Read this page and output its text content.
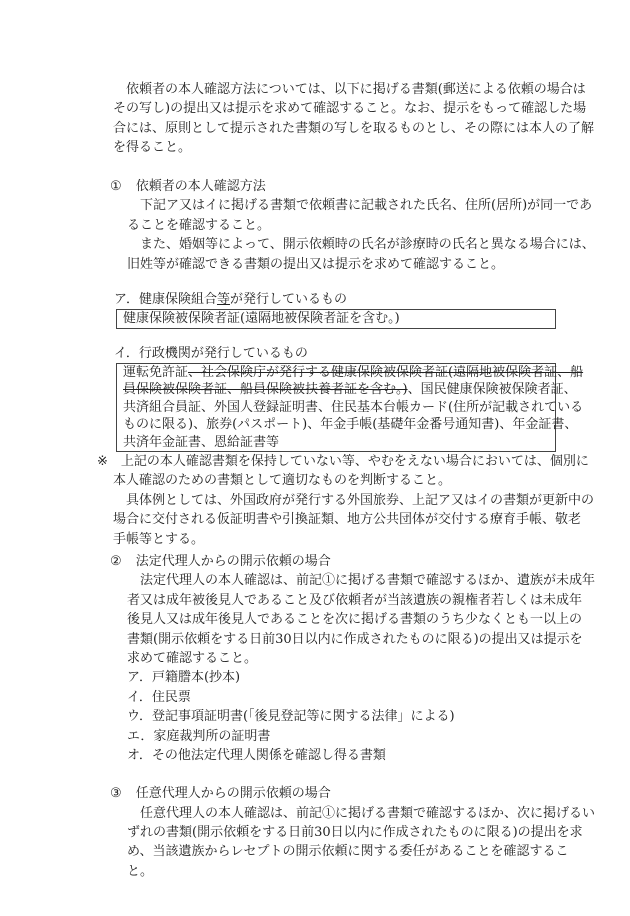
依頼者の本人確認方法については、以下に掲げる書類(郵送による依頼の場合は
その写し)の提出又は提示を求めて確認すること。なお、提示をもって確認した場
合には、原則として提示された書類の写しを取るものとし、その際には本人の了解
を得ること。
① 依頼者の本人確認方法
下記ア又はイに掲げる書類で依頼書に記載された氏名、住所(居所)が同一であ
ることを確認すること。
また、婚姻等によって、開示依頼時の氏名が診療時の氏名と異なる場合には、
旧姓等が確認できる書類の提出又は提示を求めて確認すること。
ア．健康保険組合等が発行しているもの
健康保険被保険者証(遠隔地被保険者証を含む。)
イ．行政機関が発行しているもの
運転免許証、社会保険庁が発行する健康保険被保険者証(遠隔地被保険者証、船
員保険被保険者証、船員保険被扶養者証を含む。)、国民健康保険被保険者証、
共済組合員証、外国人登録証明書、住民基本台帳カード(住所が記載されている
ものに限る)、旅券(パスポート)、年金手帳(基礎年金番号通知書)、年金証書、
共済年金証書、恩給証書等
※ 上記の本人確認書類を保持していない等、やむをえない場合においては、個別に
本人確認のための書類として適切なものを判断すること。
具体例としては、外国政府が発行する外国旅券、上記ア又はイの書類が更新中の
場合に交付される仮証明書や引換証類、地方公共団体が交付する療育手帳、敬老
手帳等とする。
② 法定代理人からの開示依頼の場合
法定代理人の本人確認は、前記①に掲げる書類で確認するほか、遺族が未成年
者又は成年被後見人であること及び依頼者が当該遺族の親権者若しくは未成年
後見人又は成年後見人であることを次に掲げる書類のうち少なくとも一以上の
書類(開示依頼をする日前30日以内に作成されたものに限る)の提出又は提示を
求めて確認すること。
ア．戸籍謄本(抄本)
イ．住民票
ウ．登記事項証明書(「後見登記等に関する法律」による)
エ．家庭裁判所の証明書
オ．その他法定代理人関係を確認し得る書類
③ 任意代理人からの開示依頼の場合
任意代理人の本人確認は、前記①に掲げる書類で確認するほか、次に掲げるい
ずれの書類(開示依頼をする日前30日以内に作成されたものに限る)の提出を求
め、当該遺族からレセプトの開示依頼に関する委任があることを確認するこ
と。
